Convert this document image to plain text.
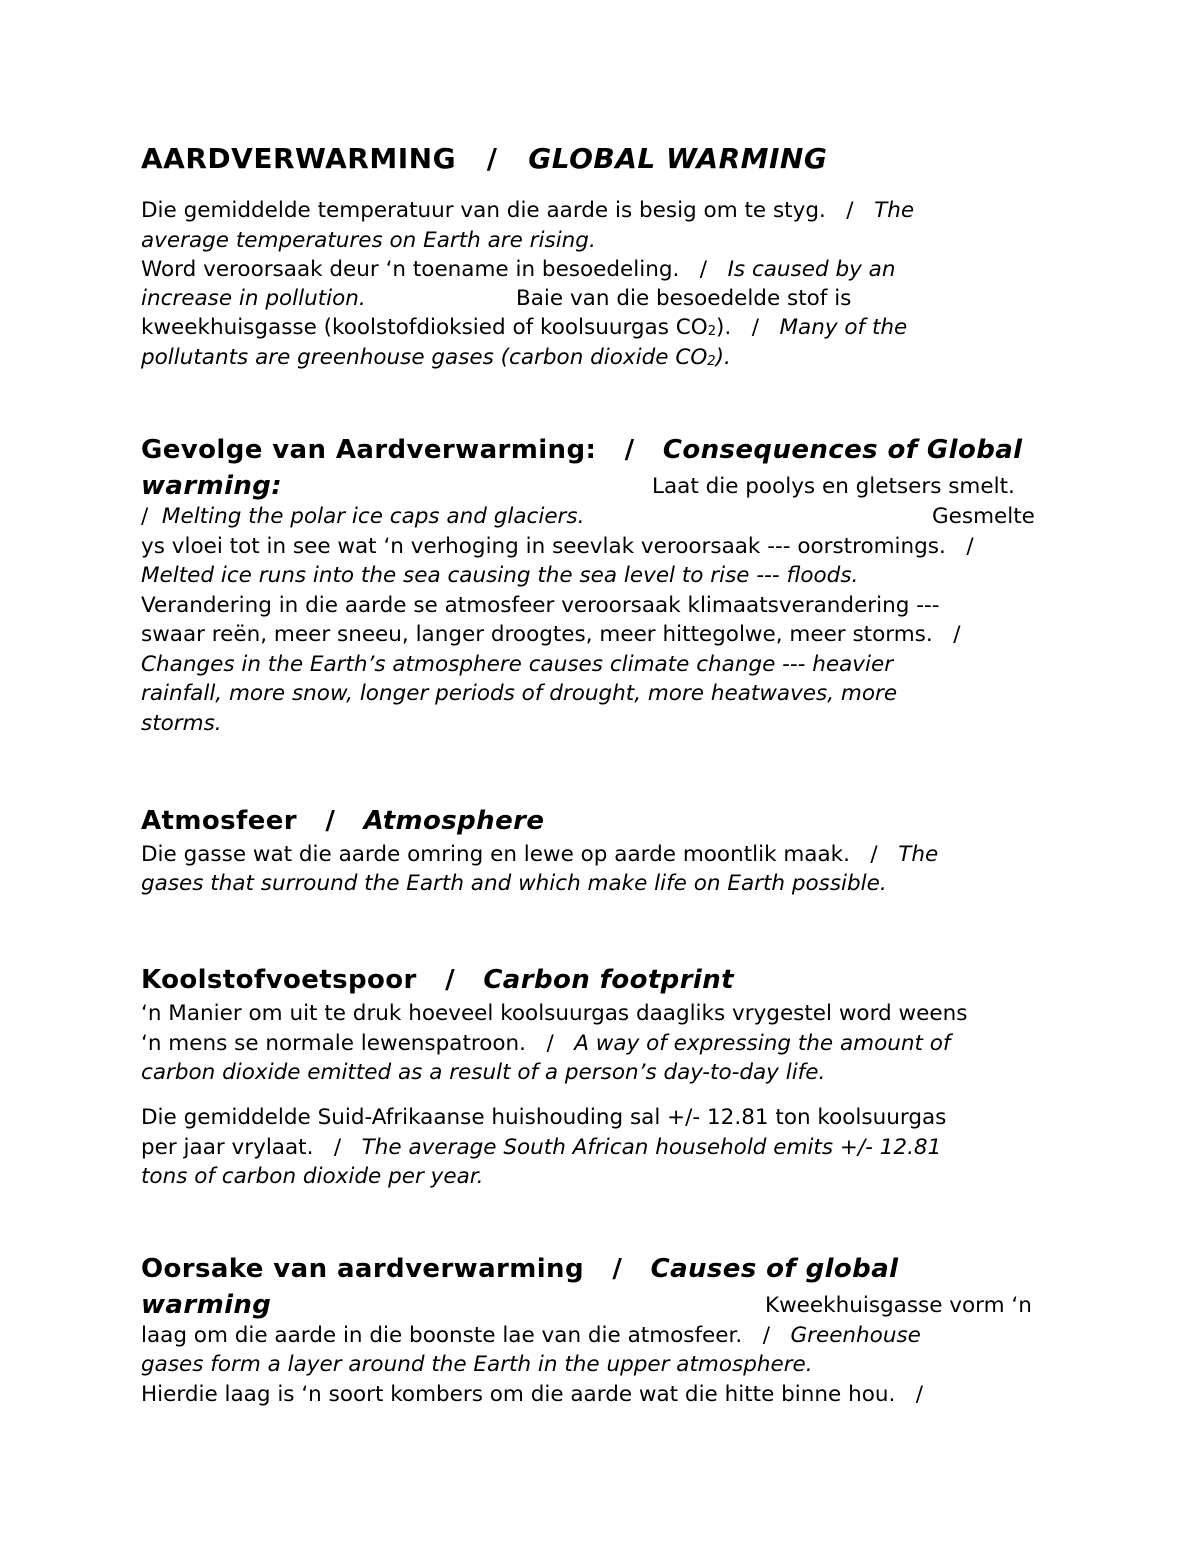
AARDVERWARMING   /   GLOBAL WARMING
Die gemiddelde temperatuur van die aarde is besig om te styg.   /   The
average temperatures on Earth are rising.
Word veroorsaak deur ‘n toename in besoedeling.   /   Is caused by an
increase in pollution.	Baie van die besoedelde stof is
kweekhuisgasse (koolstofdioksied of koolsuurgas $CO_2$).   /   Many of the
pollutants are greenhouse gases (carbon dioxide $CO_2$).
Gevolge van Aardverwarming:   /   Consequences of Global
warming:	Laat die poolys en gletsers smelt.
/  Melting the polar ice caps and glaciers.	Gesmelte
ys vloei tot in see wat ‘n verhoging in seevlak veroorsaak --- oorstromings.   /
Melted ice runs into the sea causing the sea level to rise --- floods.
Verandering in die aarde se atmosfeer veroorsaak klimaatsverandering ---
swaar reën, meer sneeu, langer droogtes, meer hittegolwe, meer storms.   /
Changes in the Earth’s atmosphere causes climate change --- heavier
rainfall, more snow, longer periods of drought, more heatwaves, more
storms.
Atmosfeer   /   Atmosphere
Die gasse wat die aarde omring en lewe op aarde moontlik maak.   /   The
gases that surround the Earth and which make life on Earth possible.
Koolstofvoetspoor   /   Carbon footprint
‘n Manier om uit te druk hoeveel koolsuurgas daagliks vrygestel word weens
‘n mens se normale lewenspatroon.   /   A way of expressing the amount of
carbon dioxide emitted as a result of a person’s day-to-day life.
Die gemiddelde Suid-Afrikaanse huishouding sal +/- 12.81 ton koolsuurgas
per jaar vrylaat.   /   The average South African household emits +/- 12.81
tons of carbon dioxide per year.
Oorsake van aardverwarming   /   Causes of global
warming	Kweekhuisgasse vorm ‘n
laag om die aarde in die boonste lae van die atmosfeer.   /   Greenhouse
gases form a layer around the Earth in the upper atmosphere.
Hierdie laag is ‘n soort kombers om die aarde wat die hitte binne hou.   /
